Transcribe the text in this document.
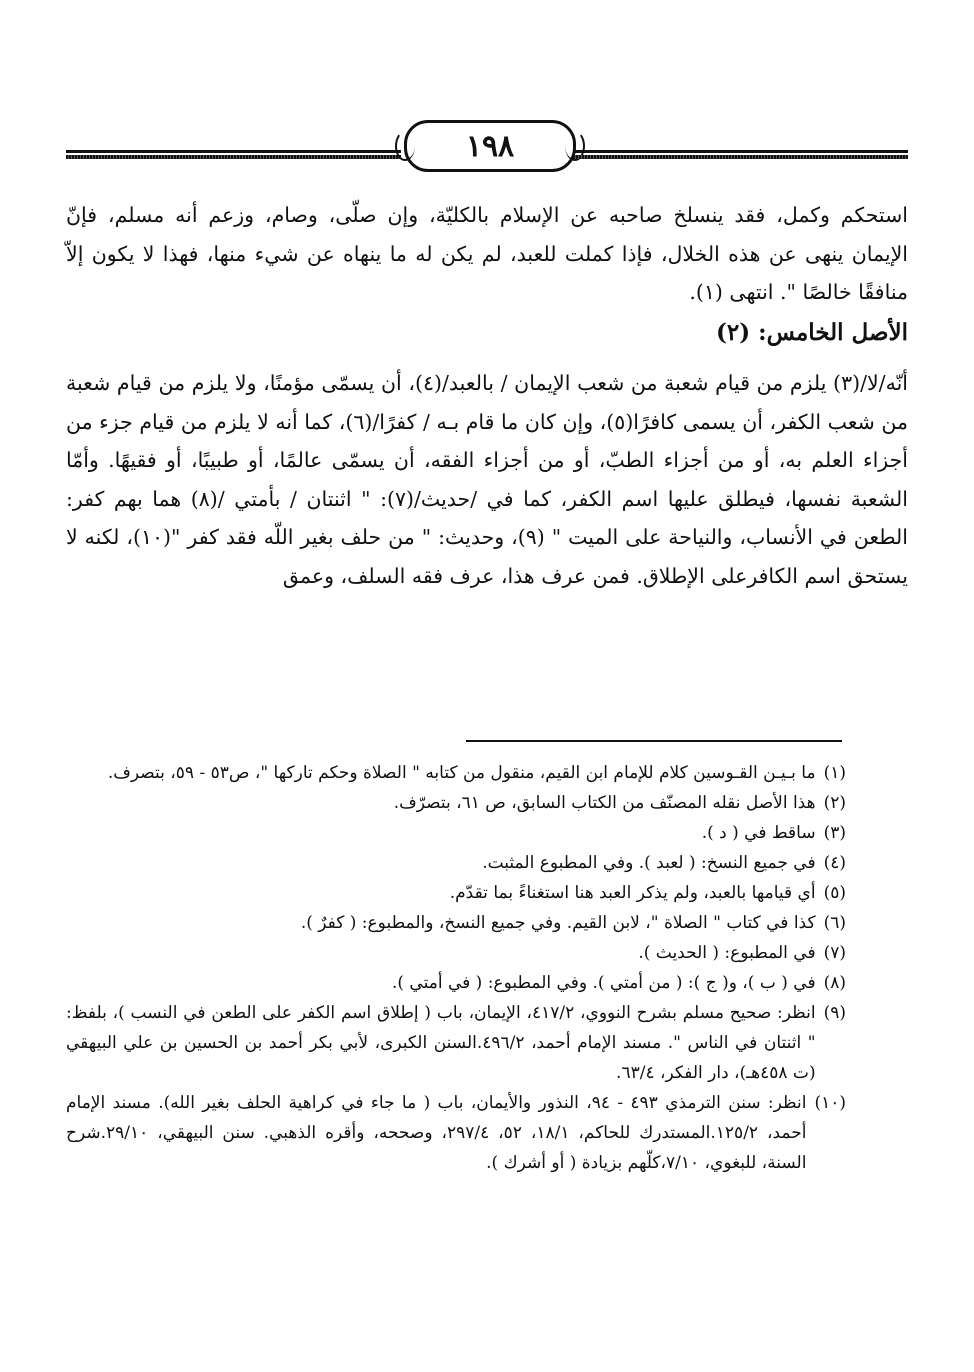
١٩٨

استحكم وكمل، فقد ينسلخ صاحبه عن الإسلام بالكليّة، وإن صلّى، وصام، وزعم أنه مسلم، فإنّ الإيمان ينهى عن هذه الخلال، فإذا كملت للعبد، لم يكن له ما ينهاه عن شيء منها، فهذا لا يكون إلاّ منافقًا خالصًا ". انتهى (١).

الأصل الخامس: (٢)

أنّه/لا/(٣) يلزم من قيام شعبة من شعب الإيمان / بالعبد/(٤)، أن يسمّى مؤمنًا، ولا يلزم من قيام شعبة من شعب الكفر، أن يسمى كافرًا(٥)، وإن كان ما قام بـه / كفرًا/(٦)، كما أنه لا يلزم من قيام جزء من أجزاء العلم به، أو من أجزاء الطبّ، أو من أجزاء الفقه، أن يسمّى عالمًا، أو طبيبًا، أو فقيهًا. وأمّا الشعبة نفسها، فيطلق عليها اسم الكفر، كما في /حديث/(٧): " اثنتان / بأمتي /(٨) هما بهم كفر: الطعن في الأنساب، والنياحة على الميت " (٩)، وحديث: " من حلف بغير اللّه فقد كفر "(١٠)، لكنه لا يستحق اسم الكافرعلى الإطلاق. فمن عرف هذا، عرف فقه السلف، وعمق

(١)
ما بـيـن القـوسين كلام للإمام ابن القيم، منقول من كتابه " الصلاة وحكم تاركها "، ص٥٣ - ٥٩، بتصرف.
(٢)
هذا الأصل نقله المصنّف من الكتاب السابق، ص ٦١، بتصرّف.
(٣)
ساقط في ( د ).
(٤)
في جميع النسخ: ( لعبد ). وفي المطبوع المثبت.
(٥)
أي قيامها بالعبد، ولم يذكر العبد هنا استغناءً بما تقدّم.
(٦)
كذا في كتاب " الصلاة "، لابن القيم. وفي جميع النسخ، والمطبوع: ( كفرٌ ).
(٧)
في المطبوع: ( الحديث ).
(٨)
في ( ب )، و( ج ): ( من أمتي ). وفي المطبوع: ( في أمتي ).
(٩)
انظر: صحيح مسلم بشرح النووي، ٤١٧/٢، الإيمان، باب ( إطلاق اسم الكفر على الطعن في النسب )، بلفظ: " اثنتان في الناس ". مسند الإمام أحمد، ٤٩٦/٢.السنن الكبرى، لأبي بكر أحمد بن الحسين بن علي البيهقي (ت ٤٥٨هـ)، دار الفكر، ٦٣/٤.
(١٠)
انظر: سنن الترمذي ٤٩٣ - ٩٤، النذور والأيمان، باب ( ما جاء في كراهية الحلف بغير الله). مسند الإمام أحمد، ١٢٥/٢.المستدرك للحاكم، ١٨/١، ٥٢، ٢٩٧/٤، وصححه، وأقره الذهبي. سنن البيهقي، ٢٩/١٠.شرح السنة، للبغوي، ٧/١٠،كلّهم بزيادة ( أو أشرك ).
